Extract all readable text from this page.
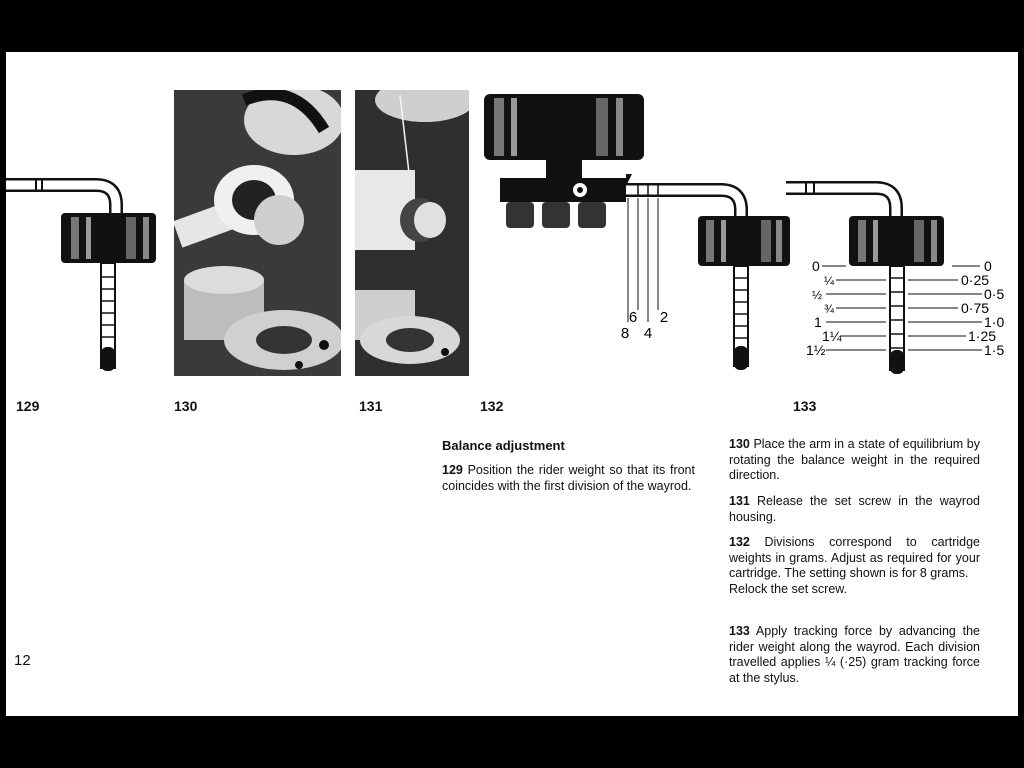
129	130	131
6 2
8 4
132
0
¼
½
¾
1
1¼
1½
0
0·25
0·5
0·75
1·0
1·25
1·5
133
Balance adjustment
129 Position the rider weight so that its front coincides with the first division of the wayrod.
130 Place the arm in a state of equilibrium by rotating the balance weight in the required direction.
131 Release the set screw in the wayrod housing.
132 Divisions correspond to cartridge weights in grams. Adjust as required for your cartridge. The setting shown is for 8 grams.
Relock the set screw.
133 Apply tracking force by advancing the rider weight along the wayrod. Each division travelled applies ¼ (·25) gram tracking force at the stylus.
12
